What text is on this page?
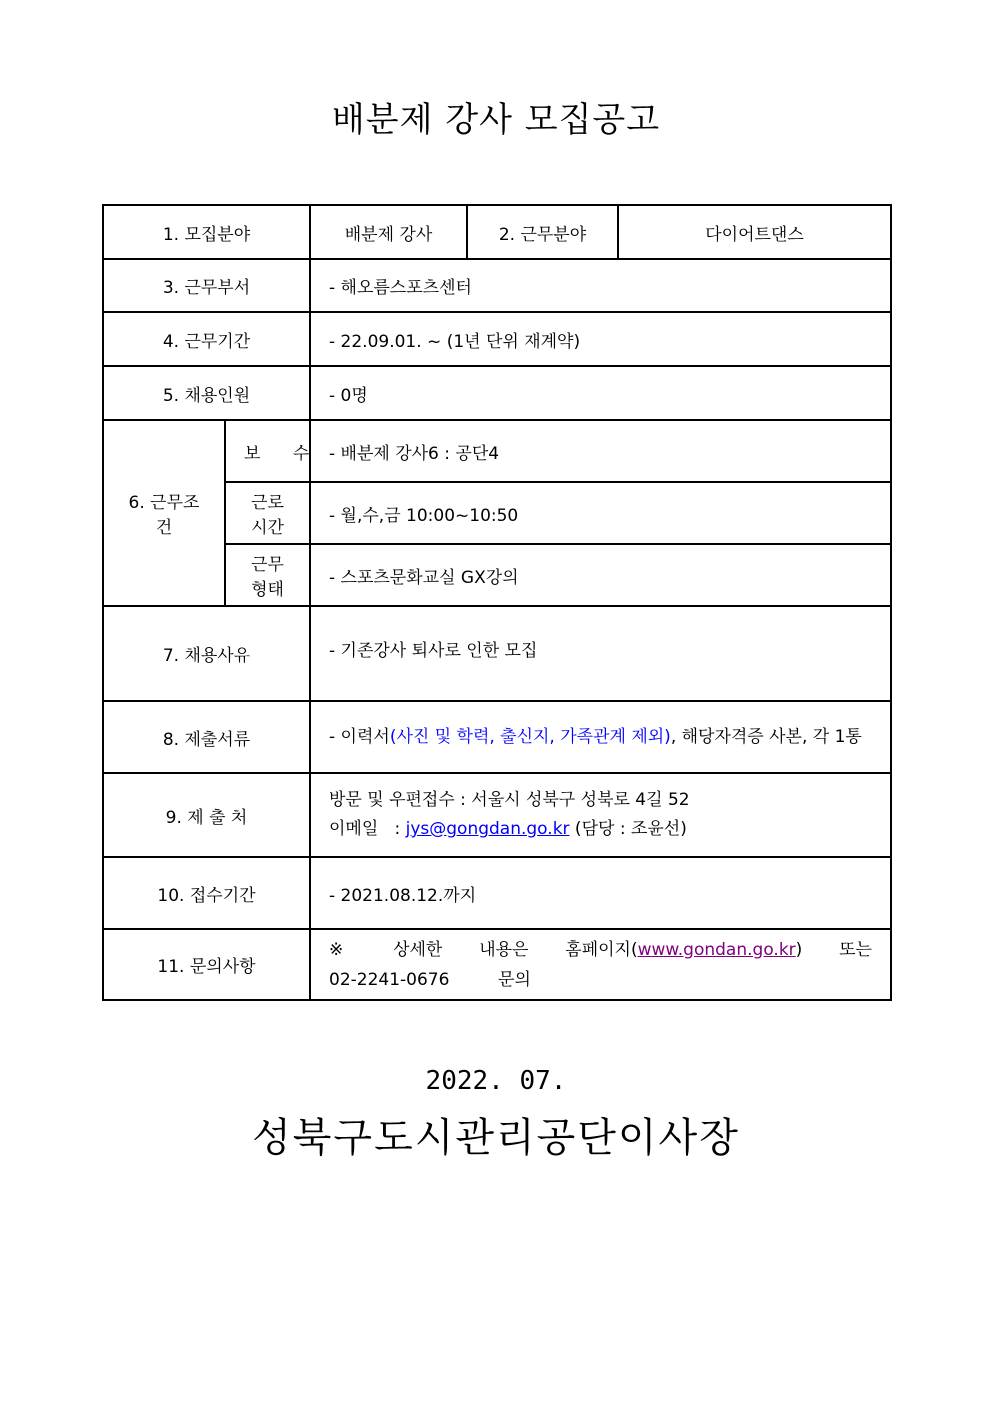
배분제 강사 모집공고
1. 모집분야		배분제 강사	2. 근무분야	다이어트댄스
3. 근무부서		- 해오름스포츠센터		
4. 근무기간		- 22.09.01. ~ (1년 단위 재계약)		
5. 채용인원		- 0명		
6. 근무조건	보      수	- 배분제 강사6 : 공단4		
	근로시간	- 월,수,금 10:00~10:50		
	근무형태	- 스포츠문화교실 GX강의		
7. 채용사유		- 기존강사 퇴사로 인한 모집		
8. 제출서류		- 이력서(사진 및 학력, 출신지, 가족관계 제외), 해당자격증 사본, 각 1통		
9. 제 출 처		방문 및 우편접수 : 서울시 성북구 성북로 4길 52
이메일   : jys@gongdan.go.kr (담당 : 조윤선)		

10. 접수기간		- 2021.08.12.까지		
11. 문의사항		※  상세한  내용은  홈페이지(www.gondan.go.kr)  또는
02-2241-0676         문의		
2022. 07.
성북구도시관리공단이사장
